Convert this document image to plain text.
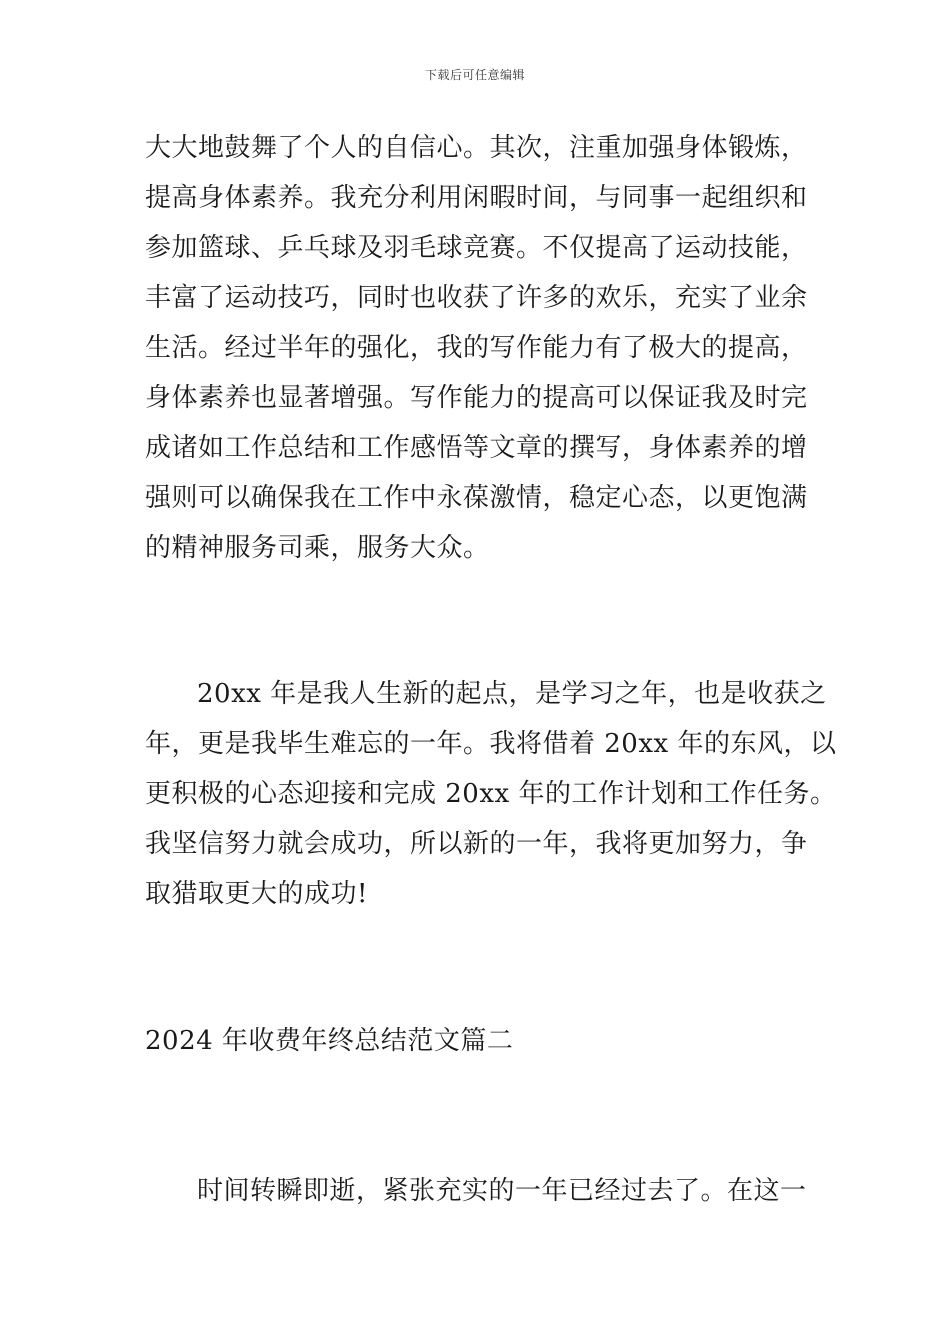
下载后可任意编辑
大大地鼓舞了个人的自信心。其次，注重加强身体锻炼，
提高身体素养。我充分利用闲暇时间，与同事一起组织和
参加篮球、乒乓球及羽毛球竞赛。不仅提高了运动技能，
丰富了运动技巧，同时也收获了许多的欢乐，充实了业余
生活。经过半年的强化，我的写作能力有了极大的提高，
身体素养也显著增强。写作能力的提高可以保证我及时完
成诸如工作总结和工作感悟等文章的撰写，身体素养的增
强则可以确保我在工作中永葆激情，稳定心态，以更饱满
的精神服务司乘，服务大众。
20xx 年是我人生新的起点，是学习之年，也是收获之
年，更是我毕生难忘的一年。我将借着 20xx 年的东风，以
更积极的心态迎接和完成 20xx 年的工作计划和工作任务。
我坚信努力就会成功，所以新的一年，我将更加努力，争
取猎取更大的成功!
2024 年收费年终总结范文篇二
时间转瞬即逝，紧张充实的一年已经过去了。在这一
